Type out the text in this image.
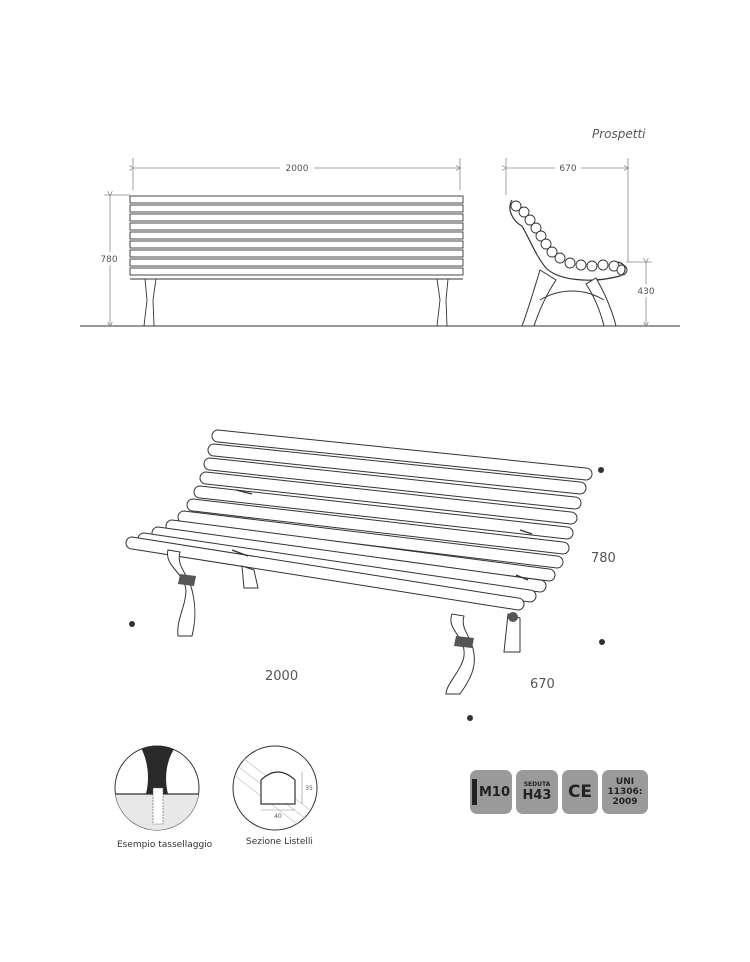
Prospetti
2000
780
670
430
2000
670
780
40
35
Esempio tassellaggio	Sezione Listelli
M10
SEDUTA
H43 CE	UNI
11306:
2009
